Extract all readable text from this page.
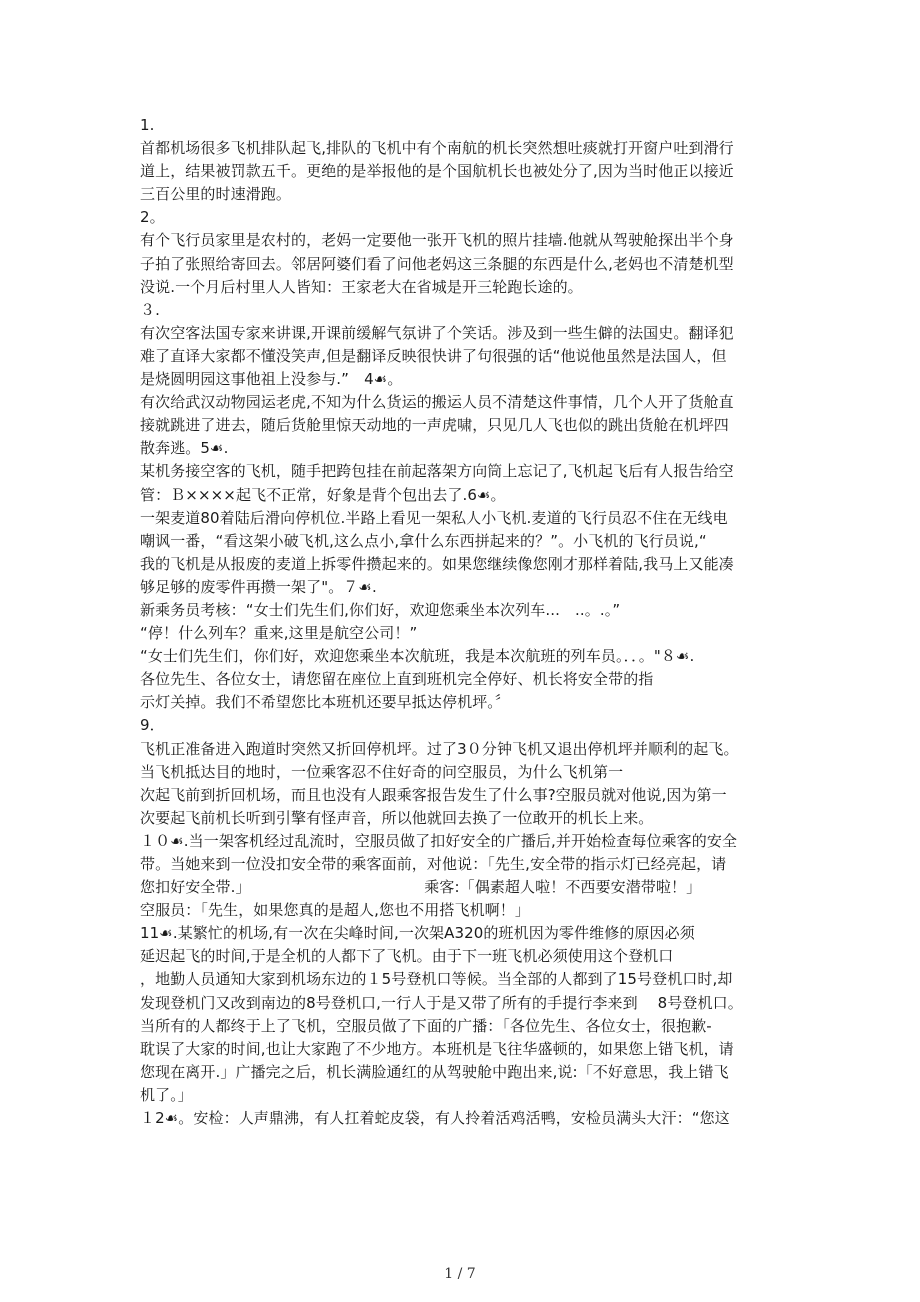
1.
首都机场很多飞机排队起飞,排队的飞机中有个南航的机长突然想吐痰就打开窗户吐到滑行
道上，结果被罚款五千。更绝的是举报他的是个国航机长也被处分了,因为当时他正以接近
三百公里的时速滑跑。
2。
有个飞行员家里是农村的，老妈一定要他一张开飞机的照片挂墙.他就从驾驶舱探出半个身
子拍了张照给寄回去。邻居阿婆们看了问他老妈这三条腿的东西是什么,老妈也不清楚机型
没说.一个月后村里人人皆知：王家老大在省城是开三轮跑长途的。
３.
有次空客法国专家来讲课,开课前缓解气氛讲了个笑话。涉及到一些生僻的法国史。翻译犯
难了直译大家都不懂没笑声,但是翻译反映很快讲了句很强的话“他说他虽然是法国人，但
是烧圆明园这事他祖上没参与.”　4☙。
有次给武汉动物园运老虎,不知为什么货运的搬运人员不清楚这件事情，几个人开了货舱直
接就跳进了进去，随后货舱里惊天动地的一声虎啸，只见几人飞也似的跳出货舱在机坪四
散奔逃。5☙.
某机务接空客的飞机，随手把跨包挂在前起落架方向筒上忘记了,飞机起飞后有人报告给空
管：Ｂ××××起飞不正常，好象是背个包出去了.6☙。
一架麦道80着陆后滑向停机位.半路上看见一架私人小飞机.麦道的飞行员忍不住在无线电
嘲讽一番，“看这架小破飞机,这么点小,拿什么东西拼起来的？”。小飞机的飞行员说,“
我的飞机是从报废的麦道上拆零件攒起来的。如果您继续像您刚才那样着陆,我马上又能凑
够足够的废零件再攒一架了"。７☙.
新乘务员考核：“女士们先生们,你们好，欢迎您乘坐本次列车...　..。.。”
“停！什么列车？重来,这里是航空公司！”
“女士们先生们，你们好，欢迎您乘坐本次航班，我是本次航班的列车员。．．。"８☙.
各位先生、各位女士，请您留在座位上直到班机完全停好、机长将安全带的指
示灯关掉。我们不希望您比本班机还要早抵达停机坪。〞
9．
飞机正准备进入跑道时突然又折回停机坪。过了3０分钟飞机又退出停机坪并顺利的起飞。
当飞机抵达目的地时，一位乘客忍不住好奇的问空服员，为什么飞机第一
次起飞前到折回机场，而且也没有人跟乘客报告发生了什么事?空服员就对他说,因为第一
次要起飞前机长听到引擎有怪声音，所以他就回去换了一位敢开的机长上来。
１０☙.当一架客机经过乱流时，空服员做了扣好安全的广播后,并开始检查每位乘客的安全
带。当她来到一位没扣安全带的乘客面前，对他说：「先生,安全带的指示灯已经亮起，请
您扣好安全带.」　　　　　　　　　　　　乘客:「偶素超人啦！不西要安潜带啦！」
空服员：「先生，如果您真的是超人,您也不用搭飞机啊！」
11☙.某繁忙的机场,有一次在尖峰时间,一次架A320的班机因为零件维修的原因必须
延迟起飞的时间,于是全机的人都下了飞机。由于下一班飞机必须使用这个登机口
，地勤人员通知大家到机场东边的１5号登机口等候。当全部的人都到了15号登机口时,却
发现登机门又改到南边的8号登机口,一行人于是又带了所有的手提行李来到　 8号登机口。
当所有的人都终于上了飞机，空服员做了下面的广播：「各位先生、各位女士，很抱歉-
耽误了大家的时间,也让大家跑了不少地方。本班机是飞往华盛顿的，如果您上错飞机，请
您现在离开.」广播完之后，机长满脸通红的从驾驶舱中跑出来,说:「不好意思，我上错飞
机了。」
１2☙。安检：人声鼎沸，有人扛着蛇皮袋，有人拎着活鸡活鸭，安检员满头大汗：“您这
1 / 7
